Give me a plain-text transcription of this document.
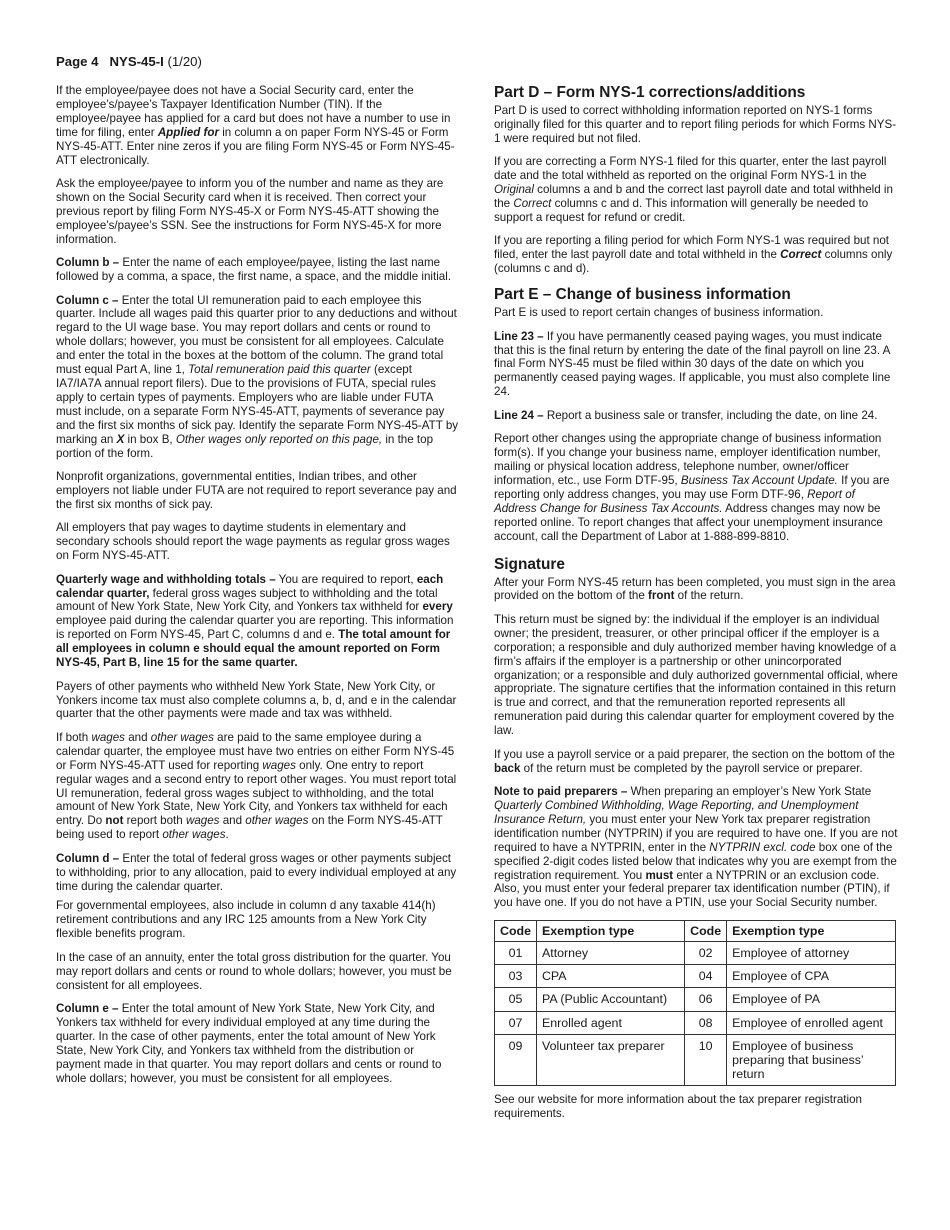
Page 4 NYS-45-I (1/20)

If the employee/payee does not have a Social Security card, enter the employee’s/payee’s Taxpayer Identification Number (TIN). If the employee/payee has applied for a card but does not have a number to use in time for filing, enter Applied for in column a on paper Form NYS-45 or Form NYS-45-ATT. Enter nine zeros if you are filing Form NYS-45 or Form NYS-45-ATT electronically.

Ask the employee/payee to inform you of the number and name as they are shown on the Social Security card when it is received. Then correct your previous report by filing Form NYS-45-X or Form NYS-45-ATT showing the employee’s/payee’s SSN. See the instructions for Form NYS-45-X for more information.

Column b – Enter the name of each employee/payee, listing the last name followed by a comma, a space, the first name, a space, and the middle initial.

Column c – Enter the total UI remuneration paid to each employee this quarter. Include all wages paid this quarter prior to any deductions and without regard to the UI wage base. You may report dollars and cents or round to whole dollars; however, you must be consistent for all employees. Calculate and enter the total in the boxes at the bottom of the column. The grand total must equal Part A, line 1, Total remuneration paid this quarter (except IA7/IA7A annual report filers). Due to the provisions of FUTA, special rules apply to certain types of payments. Employers who are liable under FUTA must include, on a separate Form NYS-45-ATT, payments of severance pay and the first six months of sick pay. Identify the separate Form NYS-45-ATT by marking an X in box B, Other wages only reported on this page, in the top portion of the form.

Nonprofit organizations, governmental entities, Indian tribes, and other employers not liable under FUTA are not required to report severance pay and the first six months of sick pay.

All employers that pay wages to daytime students in elementary and secondary schools should report the wage payments as regular gross wages on Form NYS-45-ATT.

Quarterly wage and withholding totals – You are required to report, each calendar quarter, federal gross wages subject to withholding and the total amount of New York State, New York City, and Yonkers tax withheld for every employee paid during the calendar quarter you are reporting. This information is reported on Form NYS-45, Part C, columns d and e. The total amount for all employees in column e should equal the amount reported on Form NYS-45, Part B, line 15 for the same quarter.

Payers of other payments who withheld New York State, New York City, or Yonkers income tax must also complete columns a, b, d, and e in the calendar quarter that the other payments were made and tax was withheld.

If both wages and other wages are paid to the same employee during a calendar quarter, the employee must have two entries on either Form NYS-45 or Form NYS-45-ATT used for reporting wages only. One entry to report regular wages and a second entry to report other wages. You must report total UI remuneration, federal gross wages subject to withholding, and the total amount of New York State, New York City, and Yonkers tax withheld for each entry. Do not report both wages and other wages on the Form NYS-45-ATT being used to report other wages.

Column d – Enter the total of federal gross wages or other payments subject to withholding, prior to any allocation, paid to every individual employed at any time during the calendar quarter.

For governmental employees, also include in column d any taxable 414(h) retirement contributions and any IRC 125 amounts from a New York City flexible benefits program.

In the case of an annuity, enter the total gross distribution for the quarter. You may report dollars and cents or round to whole dollars; however, you must be consistent for all employees.

Column e – Enter the total amount of New York State, New York City, and Yonkers tax withheld for every individual employed at any time during the quarter. In the case of other payments, enter the total amount of New York State, New York City, and Yonkers tax withheld from the distribution or payment made in that quarter. You may report dollars and cents or round to whole dollars; however, you must be consistent for all employees.

Part D – Form NYS-1 corrections/additions

Part D is used to correct withholding information reported on NYS-1 forms originally filed for this quarter and to report filing periods for which Forms NYS-1 were required but not filed.

If you are correcting a Form NYS-1 filed for this quarter, enter the last payroll date and the total withheld as reported on the original Form NYS-1 in the Original columns a and b and the correct last payroll date and total withheld in the Correct columns c and d. This information will generally be needed to support a request for refund or credit.

If you are reporting a filing period for which Form NYS-1 was required but not filed, enter the last payroll date and total withheld in the Correct columns only (columns c and d).

Part E – Change of business information

Part E is used to report certain changes of business information.

Line 23 – If you have permanently ceased paying wages, you must indicate that this is the final return by entering the date of the final payroll on line 23. A final Form NYS-45 must be filed within 30 days of the date on which you permanently ceased paying wages. If applicable, you must also complete line 24.

Line 24 – Report a business sale or transfer, including the date, on line 24.

Report other changes using the appropriate change of business information form(s). If you change your business name, employer identification number, mailing or physical location address, telephone number, owner/officer information, etc., use Form DTF-95, Business Tax Account Update. If you are reporting only address changes, you may use Form DTF-96, Report of Address Change for Business Tax Accounts. Address changes may now be reported online. To report changes that affect your unemployment insurance account, call the Department of Labor at 1-888-899-8810.

Signature

After your Form NYS-45 return has been completed, you must sign in the area provided on the bottom of the front of the return.

This return must be signed by: the individual if the employer is an individual owner; the president, treasurer, or other principal officer if the employer is a corporation; a responsible and duly authorized member having knowledge of a firm’s affairs if the employer is a partnership or other unincorporated organization; or a responsible and duly authorized governmental official, where appropriate. The signature certifies that the information contained in this return is true and correct, and that the remuneration reported represents all remuneration paid during this calendar quarter for employment covered by the law.

If you use a payroll service or a paid preparer, the section on the bottom of the back of the return must be completed by the payroll service or preparer.

Note to paid preparers – When preparing an employer’s New York State Quarterly Combined Withholding, Wage Reporting, and Unemployment Insurance Return, you must enter your New York tax preparer registration identification number (NYTPRIN) if you are required to have one. If you are not required to have a NYTPRIN, enter in the NYTPRIN excl. code box one of the specified 2-digit codes listed below that indicates why you are exempt from the registration requirement. You must enter a NYTPRIN or an exclusion code. Also, you must enter your federal preparer tax identification number (PTIN), if you have one. If you do not have a PTIN, use your Social Security number.

Code	Exemption type	Code	Exemption type
01	Attorney	02	Employee of attorney
03	CPA	04	Employee of CPA
05	PA (Public Accountant)	06	Employee of PA
07	Enrolled agent	08	Employee of enrolled agent
09	Volunteer tax preparer	10	Employee of business preparing that business’ return

See our website for more information about the tax preparer registration requirements.
